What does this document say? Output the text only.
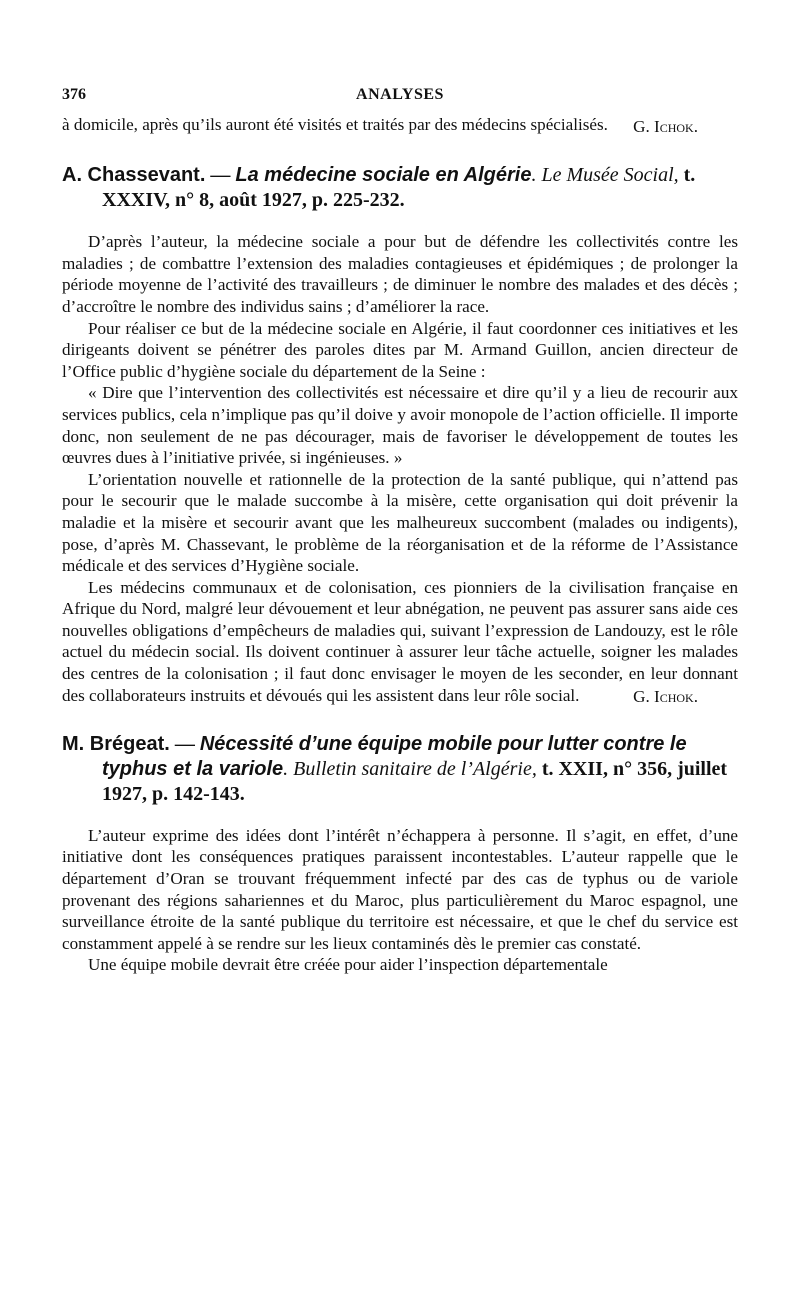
376	ANALYSES

à domicile, après qu’ils auront été visités et traités par des médecins spécialisés.	G. Ichok.

A. Chassevant. — La médecine sociale en Algérie. Le Musée Social, t. XXXIV, n° 8, août 1927, p. 225-232.

D’après l’auteur, la médecine sociale a pour but de défendre les collectivités contre les maladies ; de combattre l’extension des maladies contagieuses et épidémiques ; de prolonger la période moyenne de l’activité des travailleurs ; de diminuer le nombre des malades et des décès ; d’accroître le nombre des individus sains ; d’améliorer la race.

Pour réaliser ce but de la médecine sociale en Algérie, il faut coordonner ces initiatives et les dirigeants doivent se pénétrer des paroles dites par M. Armand Guillon, ancien directeur de l’Office public d’hygiène sociale du département de la Seine :

« Dire que l’intervention des collectivités est nécessaire et dire qu’il y a lieu de recourir aux services publics, cela n’implique pas qu’il doive y avoir monopole de l’action officielle. Il importe donc, non seulement de ne pas décourager, mais de favoriser le développement de toutes les œuvres dues à l’initiative privée, si ingénieuses. »

L’orientation nouvelle et rationnelle de la protection de la santé publique, qui n’attend pas pour le secourir que le malade succombe à la misère, cette organisation qui doit prévenir la maladie et la misère et secourir avant que les malheureux succombent (malades ou indigents), pose, d’après M. Chassevant, le problème de la réorganisation et de la réforme de l’Assistance médicale et des services d’Hygiène sociale.

Les médecins communaux et de colonisation, ces pionniers de la civilisation française en Afrique du Nord, malgré leur dévouement et leur abnégation, ne peuvent pas assurer sans aide ces nouvelles obligations d’empêcheurs de maladies qui, suivant l’expression de Landouzy, est le rôle actuel du médecin social. Ils doivent continuer à assurer leur tâche actuelle, soigner les malades des centres de la colonisation ; il faut donc envisager le moyen de les seconder, en leur donnant des collaborateurs instruits et dévoués qui les assistent dans leur rôle social.	G. Ichok.

M. Brégeat. — Nécessité d’une équipe mobile pour lutter contre le typhus et la variole. Bulletin sanitaire de l’Algérie, t. XXII, n° 356, juillet 1927, p. 142-143.

L’auteur exprime des idées dont l’intérêt n’échappera à personne. Il s’agit, en effet, d’une initiative dont les conséquences pratiques paraissent incontestables. L’auteur rappelle que le département d’Oran se trouvant fréquemment infecté par des cas de typhus ou de variole provenant des régions sahariennes et du Maroc, plus particulièrement du Maroc espagnol, une surveillance étroite de la santé publique du territoire est nécessaire, et que le chef du service est constamment appelé à se rendre sur les lieux contaminés dès le premier cas constaté.

Une équipe mobile devrait être créée pour aider l’inspection départementale
